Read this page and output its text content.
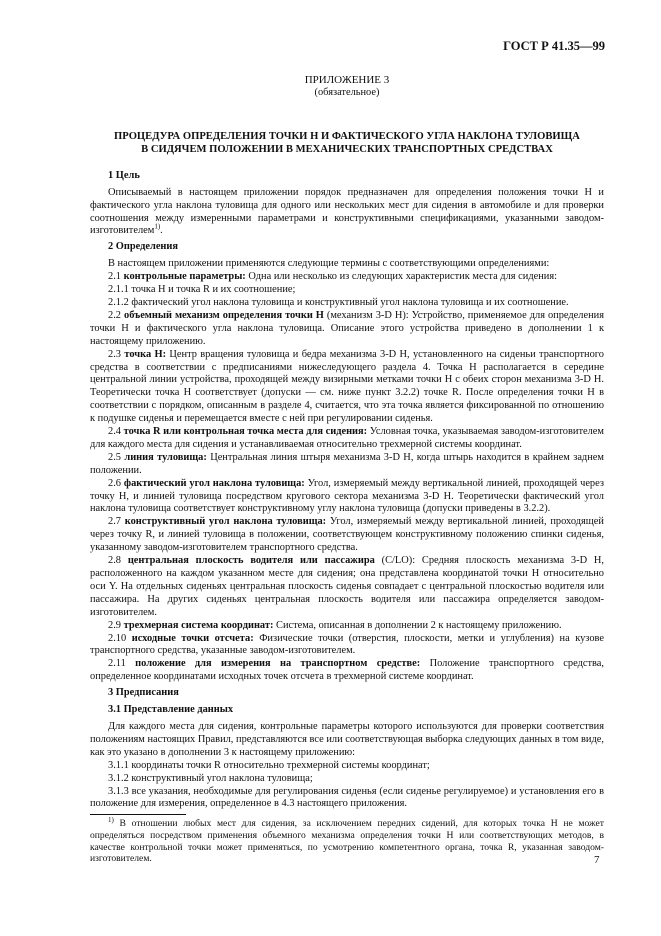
ГОСТ Р 41.35—99
ПРИЛОЖЕНИЕ 3
(обязательное)
ПРОЦЕДУРА ОПРЕДЕЛЕНИЯ ТОЧКИ H И ФАКТИЧЕСКОГО УГЛА НАКЛОНА ТУЛОВИЩА
В СИДЯЧЕМ ПОЛОЖЕНИИ В МЕХАНИЧЕСКИХ ТРАНСПОРТНЫХ СРЕДСТВАХ
1 Цель

Описываемый в настоящем приложении порядок предназначен для определения положения точки H и фактического угла наклона туловища для одного или нескольких мест для сидения в автомобиле и для проверки соотношения между измеренными параметрами и конструктивными спецификациями, указанными заводом-изготовителем$^{1)}$.

2 Определения

В настоящем приложении применяются следующие термины с соответствующими определениями:

2.1 контрольные параметры: Одна или несколько из следующих характеристик места для сидения:

2.1.1 точка H и точка R и их соотношение;

2.1.2 фактический угол наклона туловища и конструктивный угол наклона туловища и их соотношение.

2.2 объемный механизм определения точки H (механизм 3-D H): Устройство, применяемое для определения точки H и фактического угла наклона туловища. Описание этого устройства приведено в дополнении 1 к настоящему приложению.

2.3 точка H: Центр вращения туловища и бедра механизма 3-D H, установленного на сиденьи транспортного средства в соответствии с предписаниями нижеследующего раздела 4. Точка H располагается в середине центральной линии устройства, проходящей между визирными метками точки H с обеих сторон механизма 3-D H. Теоретически точка H соответствует (допуски — см. ниже пункт 3.2.2) точке R. После определения точки H в соответствии с порядком, описанным в разделе 4, считается, что эта точка является фиксированной по отношению к подушке сиденья и перемещается вместе с ней при регулировании сиденья.

2.4 точка R или контрольная точка места для сидения: Условная точка, указываемая заводом-изготовителем для каждого места для сидения и устанавливаемая относительно трехмерной системы координат.

2.5 линия туловища: Центральная линия штыря механизма 3-D H, когда штырь находится в крайнем заднем положении.

2.6 фактический угол наклона туловища: Угол, измеряемый между вертикальной линией, проходящей через точку H, и линией туловища посредством кругового сектора механизма 3-D H. Теоретически фактический угол наклона туловища соответствует конструктивному углу наклона туловища (допуски приведены в 3.2.2).

2.7 конструктивный угол наклона туловища: Угол, измеряемый между вертикальной линией, проходящей через точку R, и линией туловища в положении, соответствующем конструктивному положению спинки сиденья, указанному заводом-изготовителем транспортного средства.

2.8 центральная плоскость водителя или пассажира (C/LO): Средняя плоскость механизма 3-D H, расположенного на каждом указанном месте для сидения; она представлена координатой точки H относительно оси Y. На отдельных сиденьях центральная плоскость сиденья совпадает с центральной плоскостью водителя или пассажира. На других сиденьях центральная плоскость водителя или пассажира определяется заводом-изготовителем.

2.9 трехмерная система координат: Система, описанная в дополнении 2 к настоящему приложению.

2.10 исходные точки отсчета: Физические точки (отверстия, плоскости, метки и углубления) на кузове транспортного средства, указанные заводом-изготовителем.

2.11 положение для измерения на транспортном средстве: Положение транспортного средства, определенное координатами исходных точек отсчета в трехмерной системе координат.

3 Предписания
3.1 Представление данных

Для каждого места для сидения, контрольные параметры которого используются для проверки соответствия положениям настоящих Правил, представляются все или соответствующая выборка следующих данных в том виде, как это указано в дополнении 3 к настоящему приложению:

3.1.1 координаты точки R относительно трехмерной системы координат;

3.1.2 конструктивный угол наклона туловища;

3.1.3 все указания, необходимые для регулирования сиденья (если сиденье регулируемое) и установления его в положение для измерения, определенное в 4.3 настоящего приложения.

$^{1)}$ В отношении любых мест для сидения, за исключением передних сидений, для которых точка H не может определяться посредством применения объемного механизма определения точки H или соответствующих методов, в качестве контрольной точки может применяться, по усмотрению компетентного органа, точка R, указанная заводом-изготовителем.	7
